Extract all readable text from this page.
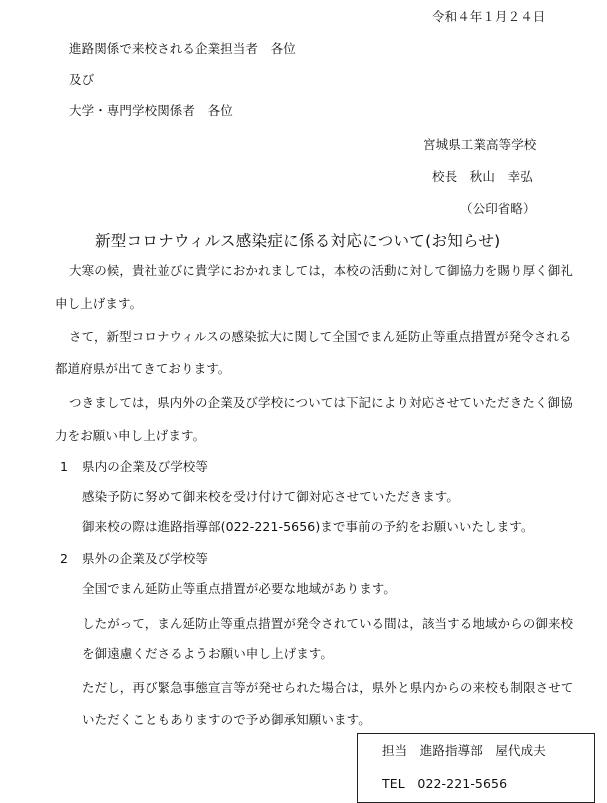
令和４年１月２４日
進路関係で来校される企業担当者　各位
及び
大学・専門学校関係者　各位
宮城県工業高等学校
校長　秋山　幸弘
（公印省略）
新型コロナウィルス感染症に係る対応について(お知らせ)
大寒の候，貴社並びに貴学におかれましては，本校の活動に対して御協力を賜り厚く御礼
申し上げます。
さて，新型コロナウィルスの感染拡大に関して全国でまん延防止等重点措置が発令される
都道府県が出てきております。
つきましては，県内外の企業及び学校については下記により対応させていただきたく御協
力をお願い申し上げます。
1 県内の企業及び学校等
感染予防に努めて御来校を受け付けて御対応させていただきます。
御来校の際は進路指導部(022-221-5656)まで事前の予約をお願いいたします。
2 県外の企業及び学校等
全国でまん延防止等重点措置が必要な地域があります。
したがって，まん延防止等重点措置が発令されている間は，該当する地域からの御来校
を御遠慮くださるようお願い申し上げます。
ただし，再び緊急事態宣言等が発せられた場合は，県外と県内からの来校も制限させて
いただくこともありますので予め御承知願います。
担当　進路指導部　屋代成夫
TEL　022-221-5656
